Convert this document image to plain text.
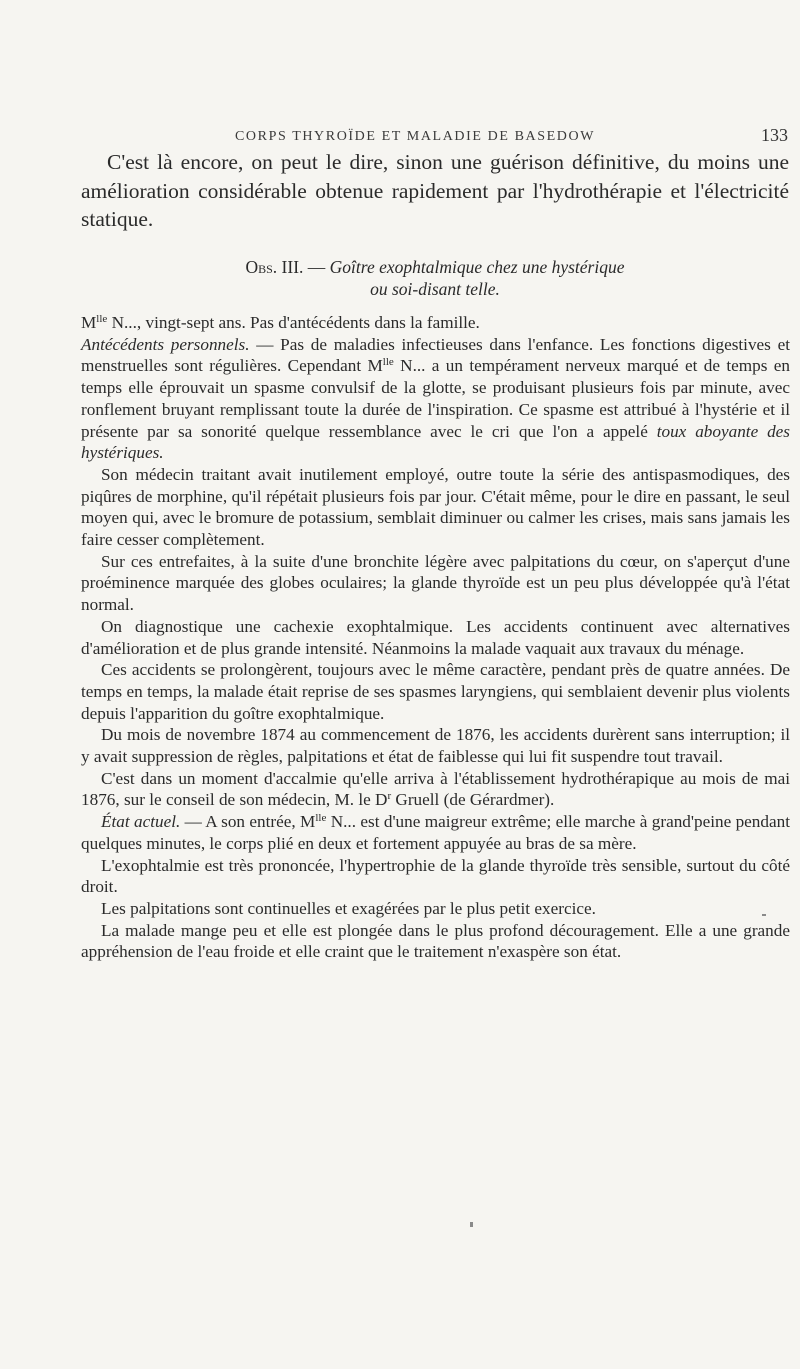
CORPS THYROÏDE ET MALADIE DE BASEDOW	133

C'est là encore, on peut le dire, sinon une guérison définitive, du moins une amélioration considérable obtenue rapidement par l'hydrothérapie et l'électricité statique.

Obs. III. — Goître exophtalmique chez une hystérique
ou soi-disant telle.

$M^{lle}$ N..., vingt-sept ans. Pas d'antécédents dans la famille.

Antécédents personnels. — Pas de maladies infectieuses dans l'enfance. Les fonctions digestives et menstruelles sont régulières. Cependant $M^{lle}$ N... a un tempérament nerveux marqué et de temps en temps elle éprouvait un spasme convulsif de la glotte, se produisant plusieurs fois par minute, avec ronflement bruyant remplissant toute la durée de l'inspiration. Ce spasme est attribué à l'hystérie et il présente par sa sonorité quelque ressemblance avec le cri que l'on a appelé toux aboyante des hystériques.

Son médecin traitant avait inutilement employé, outre toute la série des antispasmodiques, des piqûres de morphine, qu'il répétait plusieurs fois par jour. C'était même, pour le dire en passant, le seul moyen qui, avec le bromure de potassium, semblait diminuer ou calmer les crises, mais sans jamais les faire cesser complètement.

Sur ces entrefaites, à la suite d'une bronchite légère avec palpitations du cœur, on s'aperçut d'une proéminence marquée des globes oculaires; la glande thyroïde est un peu plus développée qu'à l'état normal.

On diagnostique une cachexie exophtalmique. Les accidents continuent avec alternatives d'amélioration et de plus grande intensité. Néanmoins la malade vaquait aux travaux du ménage.

Ces accidents se prolongèrent, toujours avec le même caractère, pendant près de quatre années. De temps en temps, la malade était reprise de ses spasmes laryngiens, qui semblaient devenir plus violents depuis l'apparition du goître exophtalmique.

Du mois de novembre 1874 au commencement de 1876, les accidents durèrent sans interruption; il y avait suppression de règles, palpitations et état de faiblesse qui lui fit suspendre tout travail.

C'est dans un moment d'accalmie qu'elle arriva à l'établissement hydrothérapique au mois de mai 1876, sur le conseil de son médecin, M. le $D^r$ Gruell (de Gérardmer).

État actuel. — A son entrée, $M^{lle}$ N... est d'une maigreur extrême; elle marche à grand'peine pendant quelques minutes, le corps plié en deux et fortement appuyée au bras de sa mère.

L'exophtalmie est très prononcée, l'hypertrophie de la glande thyroïde très sensible, surtout du côté droit.

Les palpitations sont continuelles et exagérées par le plus petit exercice.

La malade mange peu et elle est plongée dans le plus profond découragement. Elle a une grande appréhension de l'eau froide et elle craint que le traitement n'exaspère son état.
